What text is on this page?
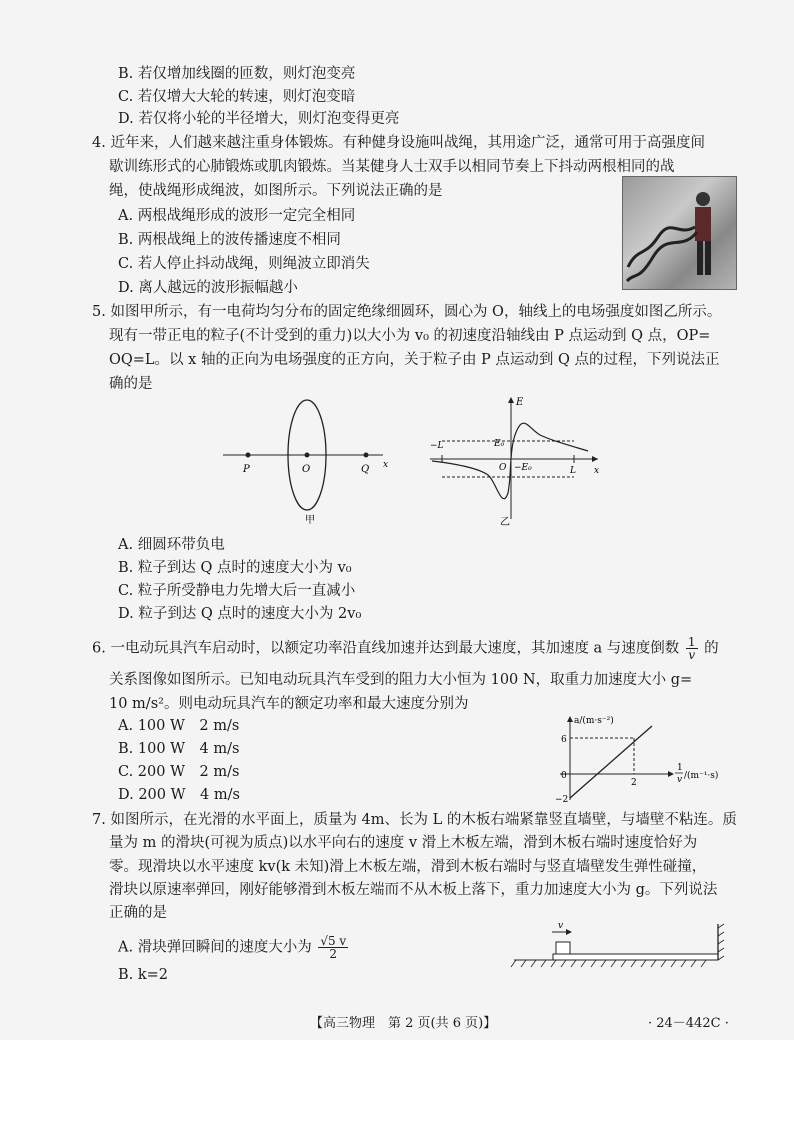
B. 若仅增加线圈的匝数，则灯泡变亮
C. 若仅增大大轮的转速，则灯泡变暗
D. 若仅将小轮的半径增大，则灯泡变得更亮
4. 近年来，人们越来越注重身体锻炼。有种健身设施叫战绳，其用途广泛，通常可用于高强度间
歇训练形式的心肺锻炼或肌肉锻炼。当某健身人士双手以相同节奏上下抖动两根相同的战
绳，使战绳形成绳波，如图所示。下列说法正确的是
A. 两根战绳形成的波形一定完全相同
B. 两根战绳上的波传播速度不相同
C. 若人停止抖动战绳，则绳波立即消失
D. 离人越远的波形振幅越小
5. 如图甲所示，有一电荷均匀分布的固定绝缘细圆环，圆心为 O，轴线上的电场强度如图乙所示。
现有一带正电的粒子(不计受到的重力)以大小为 v₀ 的初速度沿轴线由 P 点运动到 Q 点，OP=
OQ=L。以 x 轴的正向为电场强度的正方向，关于粒子由 P 点运动到 Q 点的过程，下列说法正
确的是
P	O	Q x
甲
E
−L	E₀
O −E₀	L x
乙
A. 细圆环带负电
B. 粒子到达 Q 点时的速度大小为 v₀
C. 粒子所受静电力先增大后一直减小
D. 粒子到达 Q 点时的速度大小为 2v₀
6. 一电动玩具汽车启动时，以额定功率沿直线加速并达到最大速度，其加速度 a 与速度倒数 $\frac{1}{v}$ 的
关系图像如图所示。已知电动玩具汽车受到的阻力大小恒为 100 N，取重力加速度大小 g=
10 m/s²。则电动玩具汽车的额定功率和最大速度分别为
A. 100 W　2 m/s
B. 100 W　4 m/s
C. 200 W　2 m/s
D. 200 W　4 m/s
a/(m·s⁻²)
6
0
−2
2
1
v /(m⁻¹·s)
7. 如图所示，在光滑的水平面上，质量为 4m、长为 L 的木板右端紧靠竖直墙壁，与墙壁不粘连。质
量为 m 的滑块(可视为质点)以水平向右的速度 v 滑上木板左端，滑到木板右端时速度恰好为
零。现滑块以水平速度 kv(k 未知)滑上木板左端，滑到木板右端时与竖直墙壁发生弹性碰撞，
滑块以原速率弹回，刚好能够滑到木板左端而不从木板上落下，重力加速度大小为 g。下列说法
正确的是
A. 滑块弹回瞬间的速度大小为 $\frac{√5 v}{2}$
B. k=2
v
【高三物理　第 2 页(共 6 页)】	· 24－442C ·
